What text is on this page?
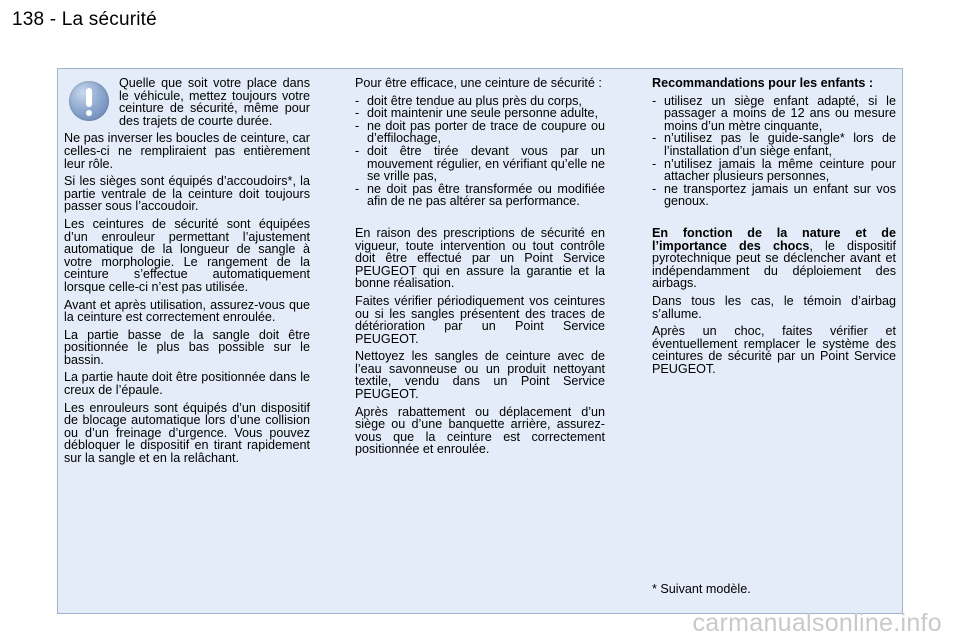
138 - La sécurité

Quelle que soit votre place dans le véhicule, mettez toujours votre ceinture de sécurité, même pour des trajets de courte durée.

Ne pas inverser les boucles de ceinture, car celles-ci ne rempliraient pas entièrement leur rôle.

Si les sièges sont équipés d’accoudoirs*, la partie ventrale de la ceinture doit toujours passer sous l’accoudoir.

Les ceintures de sécurité sont équipées d’un enrouleur permettant l’ajustement automatique de la longueur de sangle à votre morphologie. Le rangement de la ceinture s’effectue automatiquement lorsque celle-ci n’est pas utilisée.

Avant et après utilisation, assurez-vous que la ceinture est correctement enroulée.

La partie basse de la sangle doit être positionnée le plus bas possible sur le bassin.

La partie haute doit être positionnée dans le creux de l’épaule.

Les enrouleurs sont équipés d’un dispositif de blocage automatique lors d’une collision ou d’un freinage d’urgence. Vous pouvez débloquer le dispositif en tirant rapidement sur la sangle et en la relâchant.

Pour être efficace, une ceinture de sécurité :

- doit être tendue au plus près du corps,
- doit maintenir une seule personne adulte,
- ne doit pas porter de trace de coupure ou d’effilochage,
- doit être tirée devant vous par un mouvement régulier, en vérifiant qu’elle ne se vrille pas,
- ne doit pas être transformée ou modifiée afin de ne pas altérer sa performance.

En raison des prescriptions de sécurité en vigueur, toute intervention ou tout contrôle doit être effectué par un Point Service PEUGEOT qui en assure la garantie et la bonne réalisation.

Faites vérifier périodiquement vos ceintures ou si les sangles présentent des traces de détérioration par un Point Service PEUGEOT.

Nettoyez les sangles de ceinture avec de l’eau savonneuse ou un produit nettoyant textile, vendu dans un Point Service PEUGEOT.

Après rabattement ou déplacement d’un siège ou d’une banquette arrière, assurez-vous que la ceinture est correctement positionnée et enroulée.

Recommandations pour les enfants :

- utilisez un siège enfant adapté, si le passager a moins de 12 ans ou mesure moins d’un mètre cinquante,
- n’utilisez pas le guide-sangle* lors de l’installation d’un siège enfant,
- n’utilisez jamais la même ceinture pour attacher plusieurs personnes,
- ne transportez jamais un enfant sur vos genoux.

En fonction de la nature et de l’importance des chocs, le dispositif pyrotechnique peut se déclencher avant et indépendamment du déploiement des airbags.

Dans tous les cas, le témoin d’airbag s’allume.

Après un choc, faites vérifier et éventuellement remplacer le système des ceintures de sécurité par un Point Service PEUGEOT.

* Suivant modèle.
carmanualsonline.info
